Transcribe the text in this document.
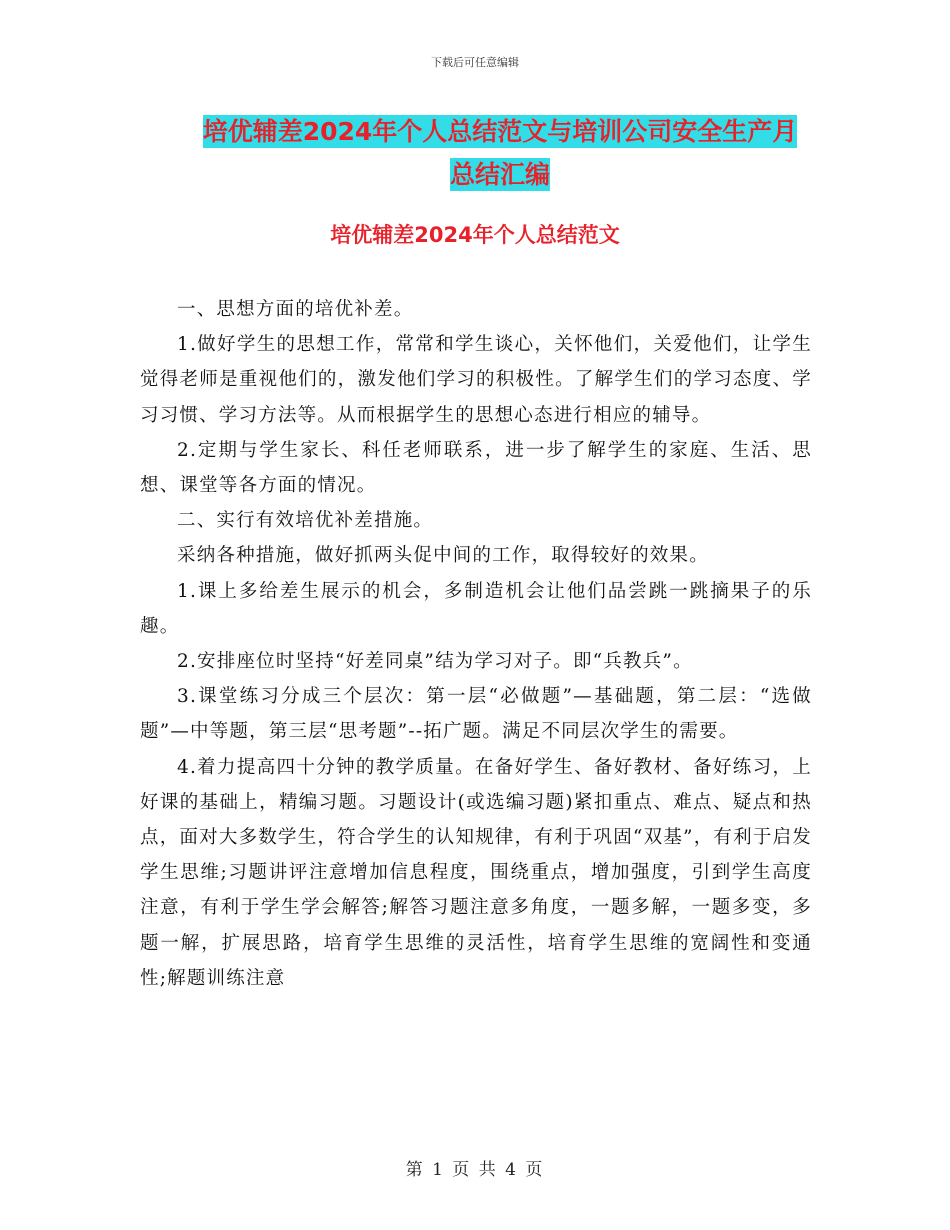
下载后可任意编辑
培优辅差2024年个人总结范文与培训公司安全生产月
总结汇编
培优辅差2024年个人总结范文

一、思想方面的培优补差。

1.做好学生的思想工作，常常和学生谈心，关怀他们，关爱他们，让学生觉得老师是重视他们的，激发他们学习的积极性。了解学生们的学习态度、学习习惯、学习方法等。从而根据学生的思想心态进行相应的辅导。

2.定期与学生家长、科任老师联系，进一步了解学生的家庭、生活、思想、课堂等各方面的情况。

二、实行有效培优补差措施。

采纳各种措施，做好抓两头促中间的工作，取得较好的效果。

1.课上多给差生展示的机会，多制造机会让他们品尝跳一跳摘果子的乐趣。

2.安排座位时坚持“好差同桌”结为学习对子。即“兵教兵”。

3.课堂练习分成三个层次：第一层“必做题”—基础题，第二层：“选做题”—中等题，第三层“思考题”--拓广题。满足不同层次学生的需要。

4.着力提高四十分钟的教学质量。在备好学生、备好教材、备好练习，上好课的基础上，精编习题。习题设计(或选编习题)紧扣重点、难点、疑点和热点，面对大多数学生，符合学生的认知规律，有利于巩固“双基”，有利于启发学生思维;习题讲评注意增加信息程度，围绕重点，增加强度，引到学生高度注意，有利于学生学会解答;解答习题注意多角度，一题多解，一题多变，多题一解，扩展思路，培育学生思维的灵活性，培育学生思维的宽阔性和变通性;解题训练注意

第 1 页 共 4 页
